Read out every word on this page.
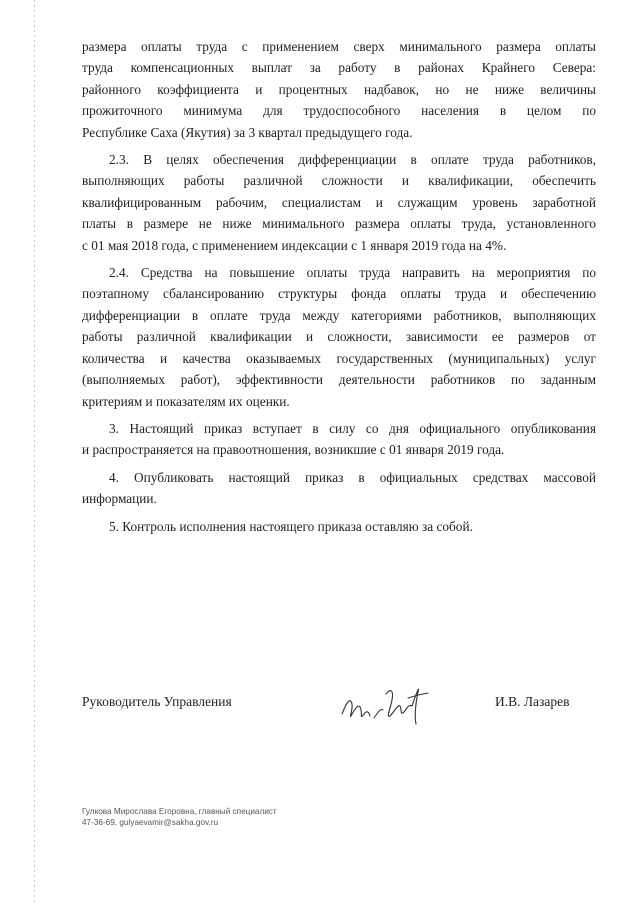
размера оплаты труда с применением сверх минимального размера оплаты
труда компенсационных выплат за работу в районах Крайнего Севера:
районного коэффициента и процентных надбавок, но не ниже величины
прожиточного минимума для трудоспособного населения в целом по
Республике Саха (Якутия) за 3 квартал предыдущего года.

2.3. В целях обеспечения дифференциации в оплате труда работников,
выполняющих работы различной сложности и квалификации, обеспечить
квалифицированным рабочим, специалистам и служащим уровень заработной
платы в размере не ниже минимального размера оплаты труда, установленного
с 01 мая 2018 года, с применением индексации с 1 января 2019 года на 4%.

2.4. Средства на повышение оплаты труда направить на мероприятия по
поэтапному сбалансированию структуры фонда оплаты труда и обеспечению
дифференциации в оплате труда между категориями работников, выполняющих
работы различной квалификации и сложности, зависимости ее размеров от
количества и качества оказываемых государственных (муниципальных) услуг
(выполняемых работ), эффективности деятельности работников по заданным
критериям и показателям их оценки.

3. Настоящий приказ вступает в силу со дня официального опубликования
и распространяется на правоотношения, возникшие с 01 января 2019 года.

4. Опубликовать настоящий приказ в официальных средствах массовой
информации.

5. Контроль исполнения настоящего приказа оставляю за собой.

Руководитель Управления	И.В. Лазарев
Гулкова Мирослава Егоровна, главный специалист
47-36-69, gulyaevamir@sakha.gov.ru
